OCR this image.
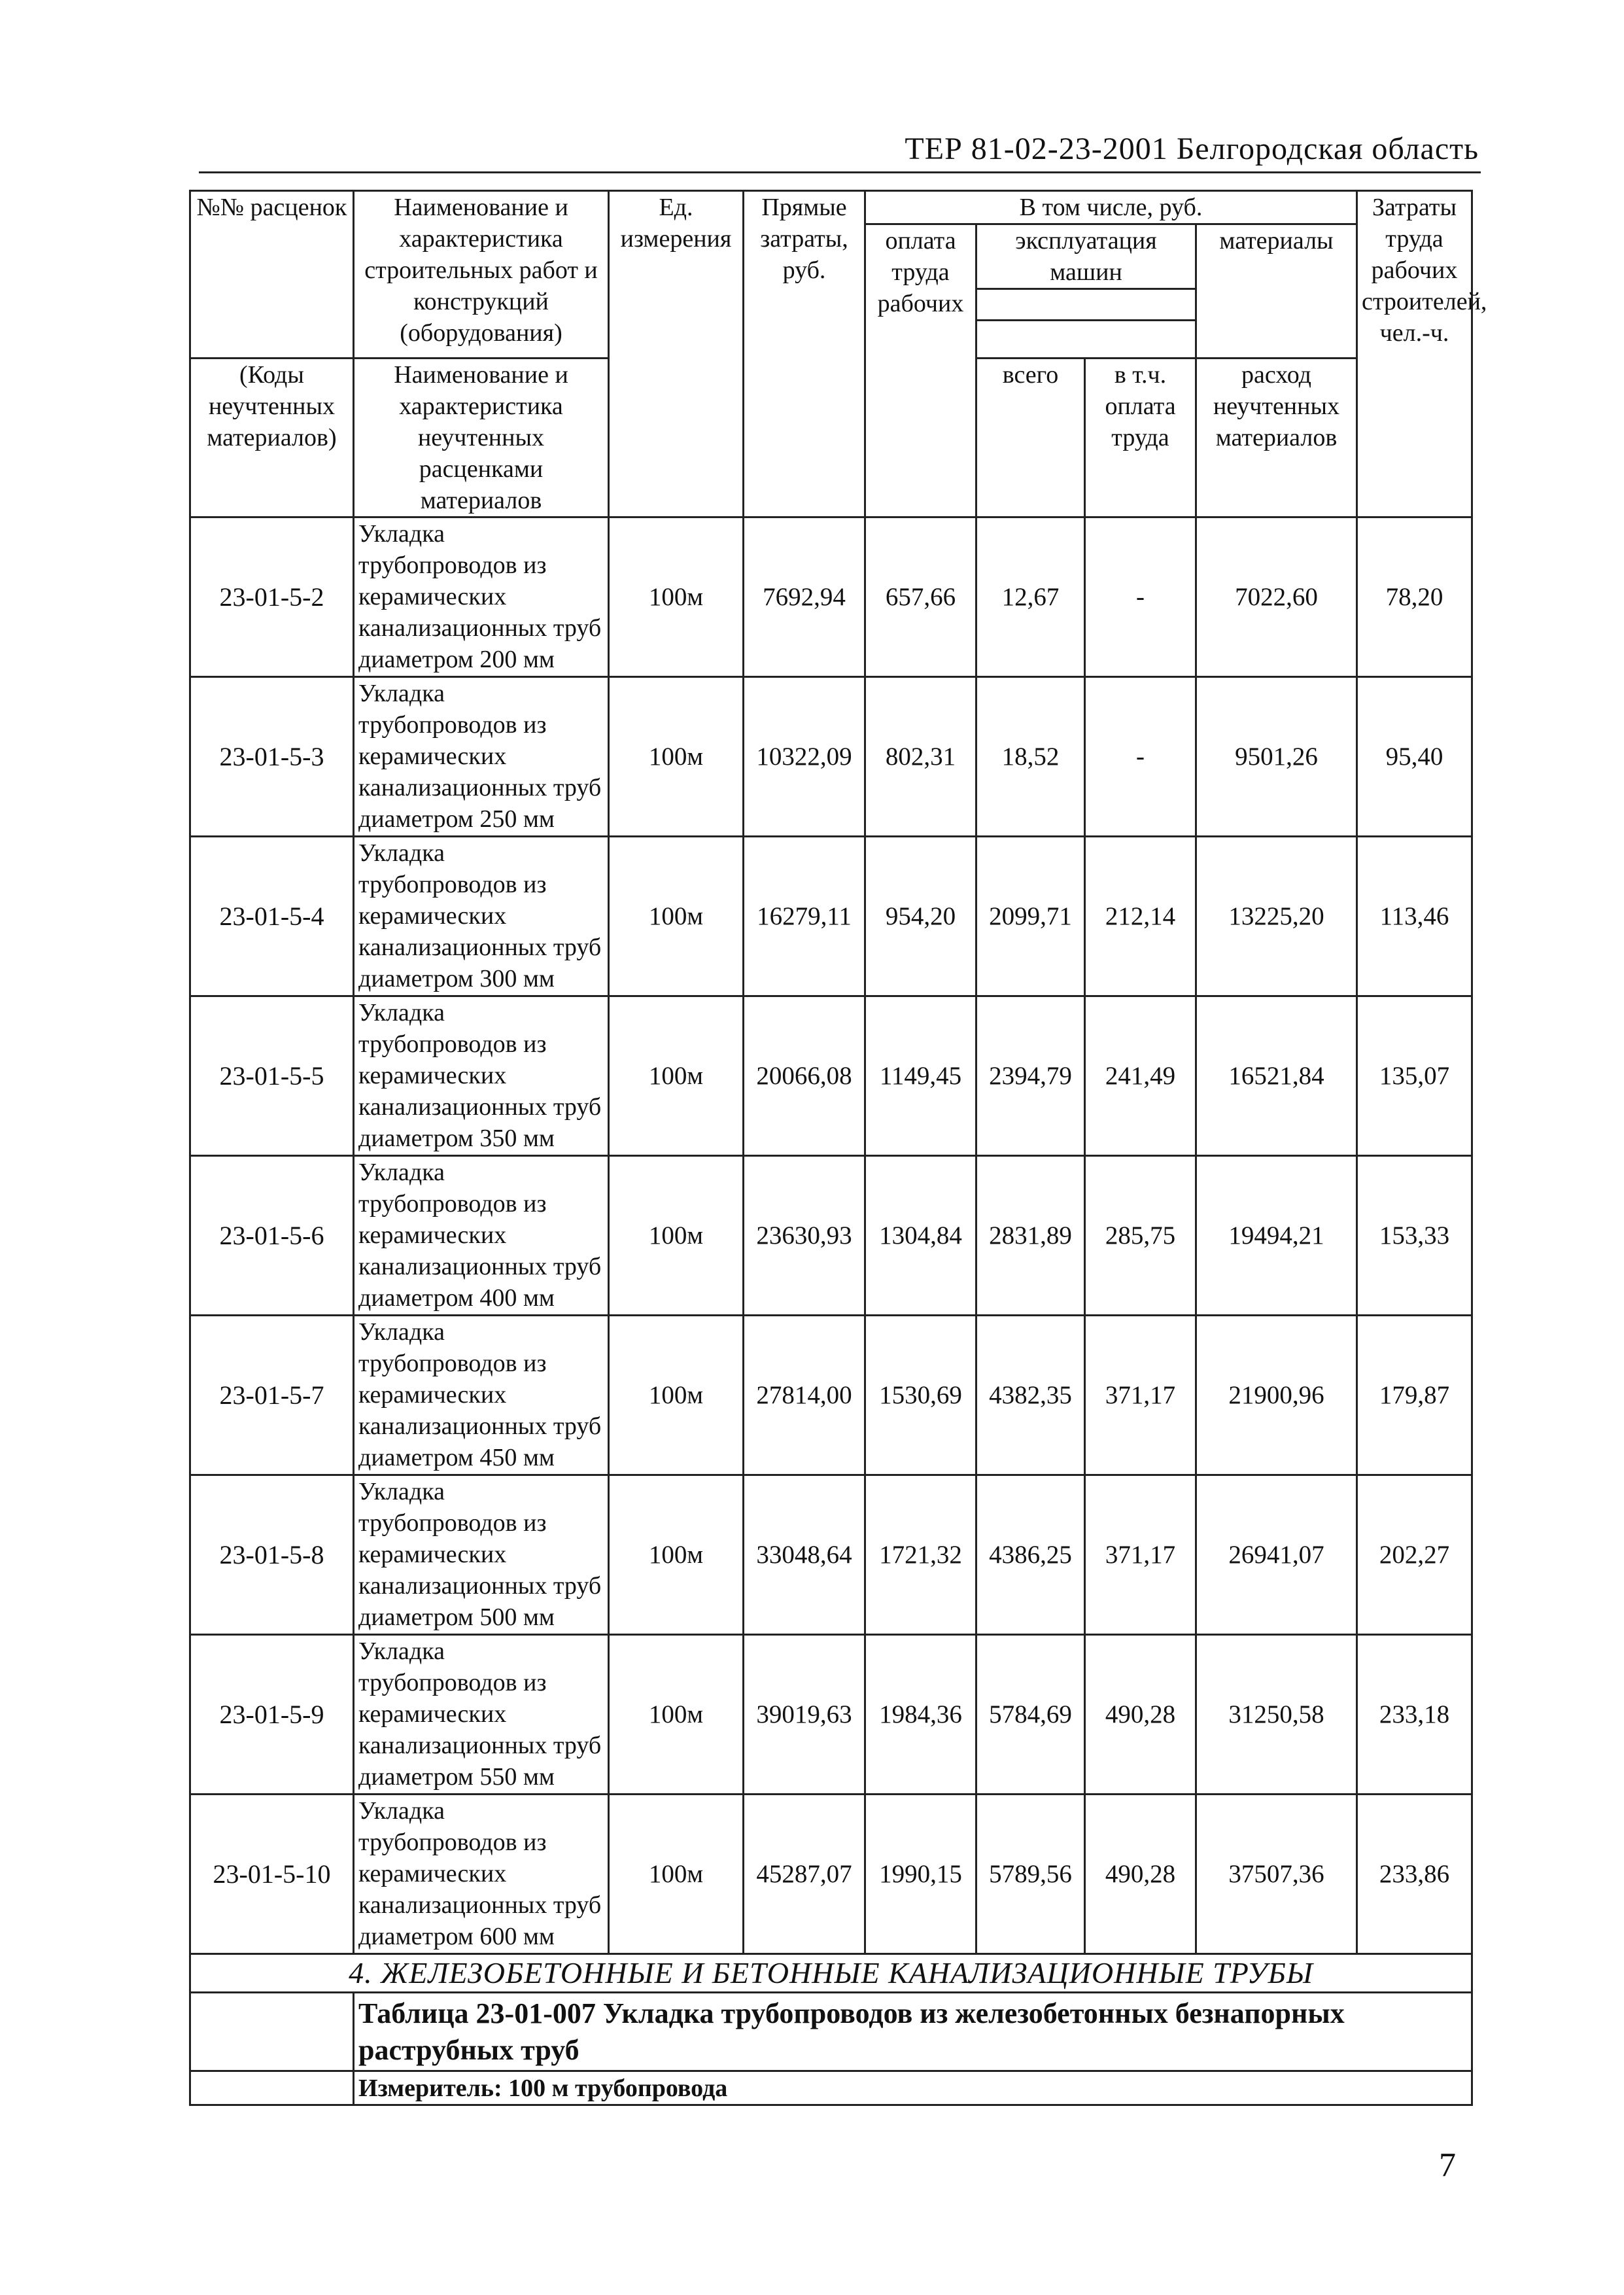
ТЕР 81-02-23-2001 Белгородская область
№№ расценок	Наименование и характеристика строительных работ и конструкций (оборудования)	Ед. измерения	Прямые затраты, руб.	В том числе, руб.				Затраты труда рабочих строителей, чел.-ч.
				оплата труда рабочих	эксплуатация машин		материалы	

(Коды неучтенных материалов)	Наименование и характеристика неучтенных расценками материалов				всего	в т.ч. оплата труда	расход неучтенных материалов	

23-01-5-2	Укладка трубопроводов из керамических канализационных труб диаметром 200 мм	100м	7692,94	657,66	12,67	-	7022,60	78,20
23-01-5-3	Укладка трубопроводов из керамических канализационных труб диаметром 250 мм	100м	10322,09	802,31	18,52	-	9501,26	95,40
23-01-5-4	Укладка трубопроводов из керамических канализационных труб диаметром 300 мм	100м	16279,11	954,20	2099,71	212,14	13225,20	113,46
23-01-5-5	Укладка трубопроводов из керамических канализационных труб диаметром 350 мм	100м	20066,08	1149,45	2394,79	241,49	16521,84	135,07
23-01-5-6	Укладка трубопроводов из керамических канализационных труб диаметром 400 мм	100м	23630,93	1304,84	2831,89	285,75	19494,21	153,33
23-01-5-7	Укладка трубопроводов из керамических канализационных труб диаметром 450 мм	100м	27814,00	1530,69	4382,35	371,17	21900,96	179,87
23-01-5-8	Укладка трубопроводов из керамических канализационных труб диаметром 500 мм	100м	33048,64	1721,32	4386,25	371,17	26941,07	202,27
23-01-5-9	Укладка трубопроводов из керамических канализационных труб диаметром 550 мм	100м	39019,63	1984,36	5784,69	490,28	31250,58	233,18
23-01-5-10	Укладка трубопроводов из керамических канализационных труб диаметром 600 мм	100м	45287,07	1990,15	5789,56	490,28	37507,36	233,86
4. ЖЕЛЕЗОБЕТОННЫЕ И БЕТОННЫЕ КАНАЛИЗАЦИОННЫЕ ТРУБЫ								
	Таблица 23-01-007 Укладка трубопроводов из железобетонных безнапорных раструбных труб							
	Измеритель: 100 м трубопровода							
7
